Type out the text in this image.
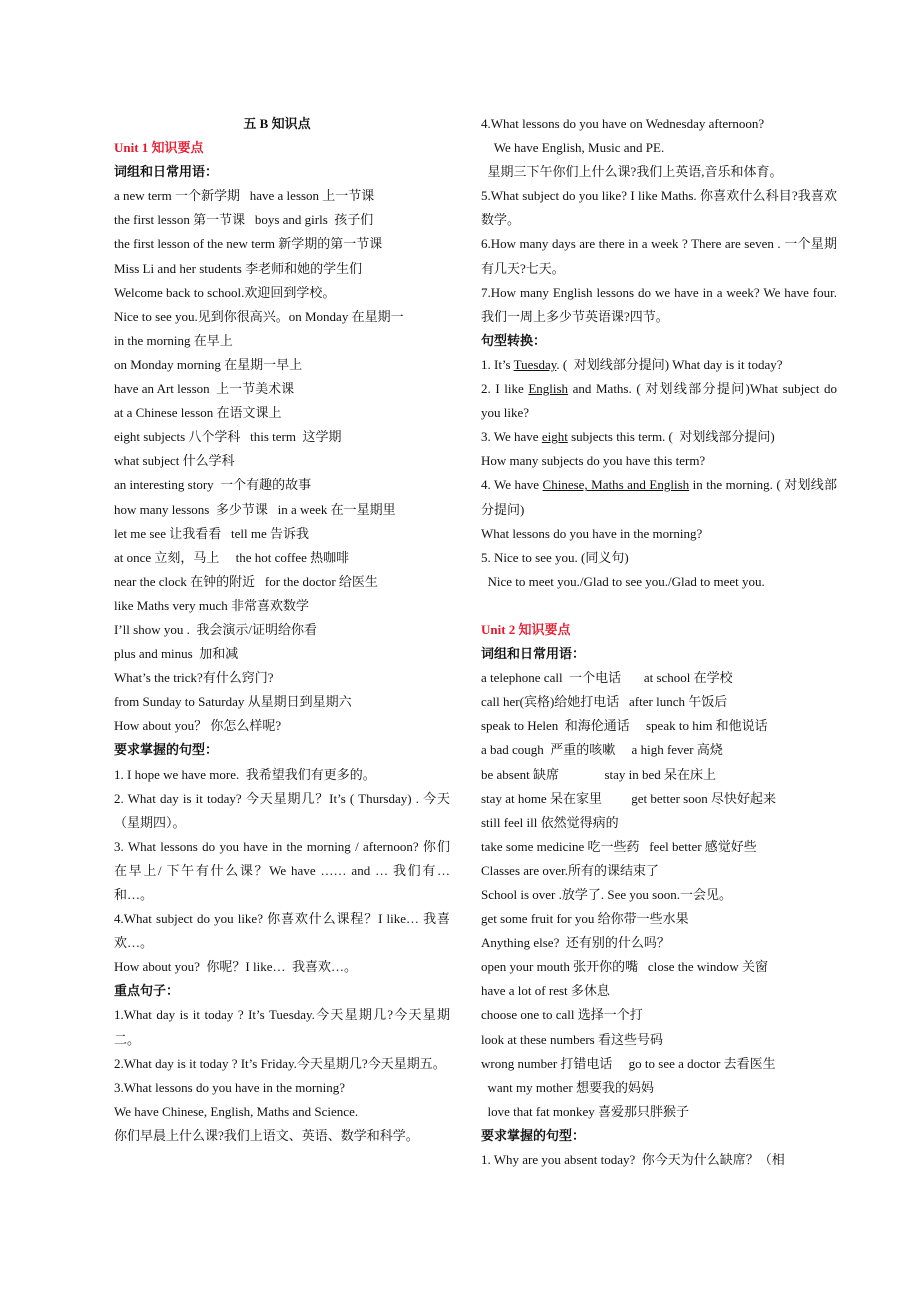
五 B 知识点
Unit 1 知识要点
词组和日常用语：
a new term 一个新学期   have a lesson 上一节课
the first lesson 第一节课   boys and girls  孩子们
the first lesson of the new term 新学期的第一节课
Miss Li and her students 李老师和她的学生们
Welcome back to school.欢迎回到学校。
Nice to see you.见到你很高兴。on Monday 在星期一
in the morning 在早上
on Monday morning 在星期一早上
have an Art lesson  上一节美术课
at a Chinese lesson 在语文课上
eight subjects 八个学科   this term  这学期
what subject 什么学科
an interesting story  一个有趣的故事
how many lessons  多少节课   in a week 在一星期里
let me see 让我看看   tell me 告诉我
at once 立刻，马上     the hot coffee 热咖啡
near the clock 在钟的附近   for the doctor 给医生
like Maths very much 非常喜欢数学
I’ll show you .  我会演示/证明给你看
plus and minus  加和减
What’s the trick?有什么窍门?
from Sunday to Saturday 从星期日到星期六
How about you？ 你怎么样呢?
要求掌握的句型：
1. I hope we have more.  我希望我们有更多的。
2. What day is it today? 今天星期几？It’s ( Thursday) . 今天（星期四）。
3. What lessons do you have in the morning / afternoon? 你们在早上/ 下午有什么课？We have …… and … 我们有…和…。
4.What subject do you like? 你喜欢什么课程？I like… 我喜欢…。
How about you?  你呢？I like…  我喜欢…。
重点句子：
1.What day is it today ? It’s Tuesday.今天星期几?今天星期二。
2.What day is it today ? It’s Friday.今天星期几?今天星期五。
3.What lessons do you have in the morning?
We have Chinese, English, Maths and Science.
你们早晨上什么课?我们上语文、英语、数学和科学。
4.What lessons do you have on Wednesday afternoon?
We have English, Music and PE.
星期三下午你们上什么课?我们上英语,音乐和体育。
5.What subject do you like? I like Maths. 你喜欢什么科目?我喜欢数学。
6.How many days are there in a week ? There are seven . 一个星期有几天?七天。
7.How many English lessons do we have in a week? We have four.我们一周上多少节英语课?四节。
句型转换：
1. It’s Tuesday. (  对划线部分提问) What day is it today?
2. I like English and Maths. ( 对划线部分提问)What subject do you like?
3. We have eight subjects this term. (  对划线部分提问)
How many subjects do you have this term?
4. We have Chinese, Maths and English in the morning. ( 对划线部分提问)
What lessons do you have in the morning?
5. Nice to see you. (同义句)
Nice to meet you./Glad to see you./Glad to meet you.
Unit 2 知识要点
词组和日常用语：
a telephone call  一个电话       at school 在学校
call her(宾格)给她打电话   after lunch 午饭后
speak to Helen  和海伦通话     speak to him 和他说话
a bad cough  严重的咳嗽     a high fever 高烧
be absent 缺席              stay in bed 呆在床上
stay at home 呆在家里         get better soon 尽快好起来
still feel ill 依然觉得病的
take some medicine 吃一些药   feel better 感觉好些
Classes are over.所有的课结束了
School is over .放学了. See you soon.一会见。
get some fruit for you 给你带一些水果
Anything else?  还有别的什么吗？
open your mouth 张开你的嘴   close the window 关窗
have a lot of rest 多休息
choose one to call 选择一个打
look at these numbers 看这些号码
wrong number 打错电话     go to see a doctor 去看医生
want my mother 想要我的妈妈
love that fat monkey 喜爱那只胖猴子
要求掌握的句型：
1. Why are you absent today?  你今天为什么缺席？（相
